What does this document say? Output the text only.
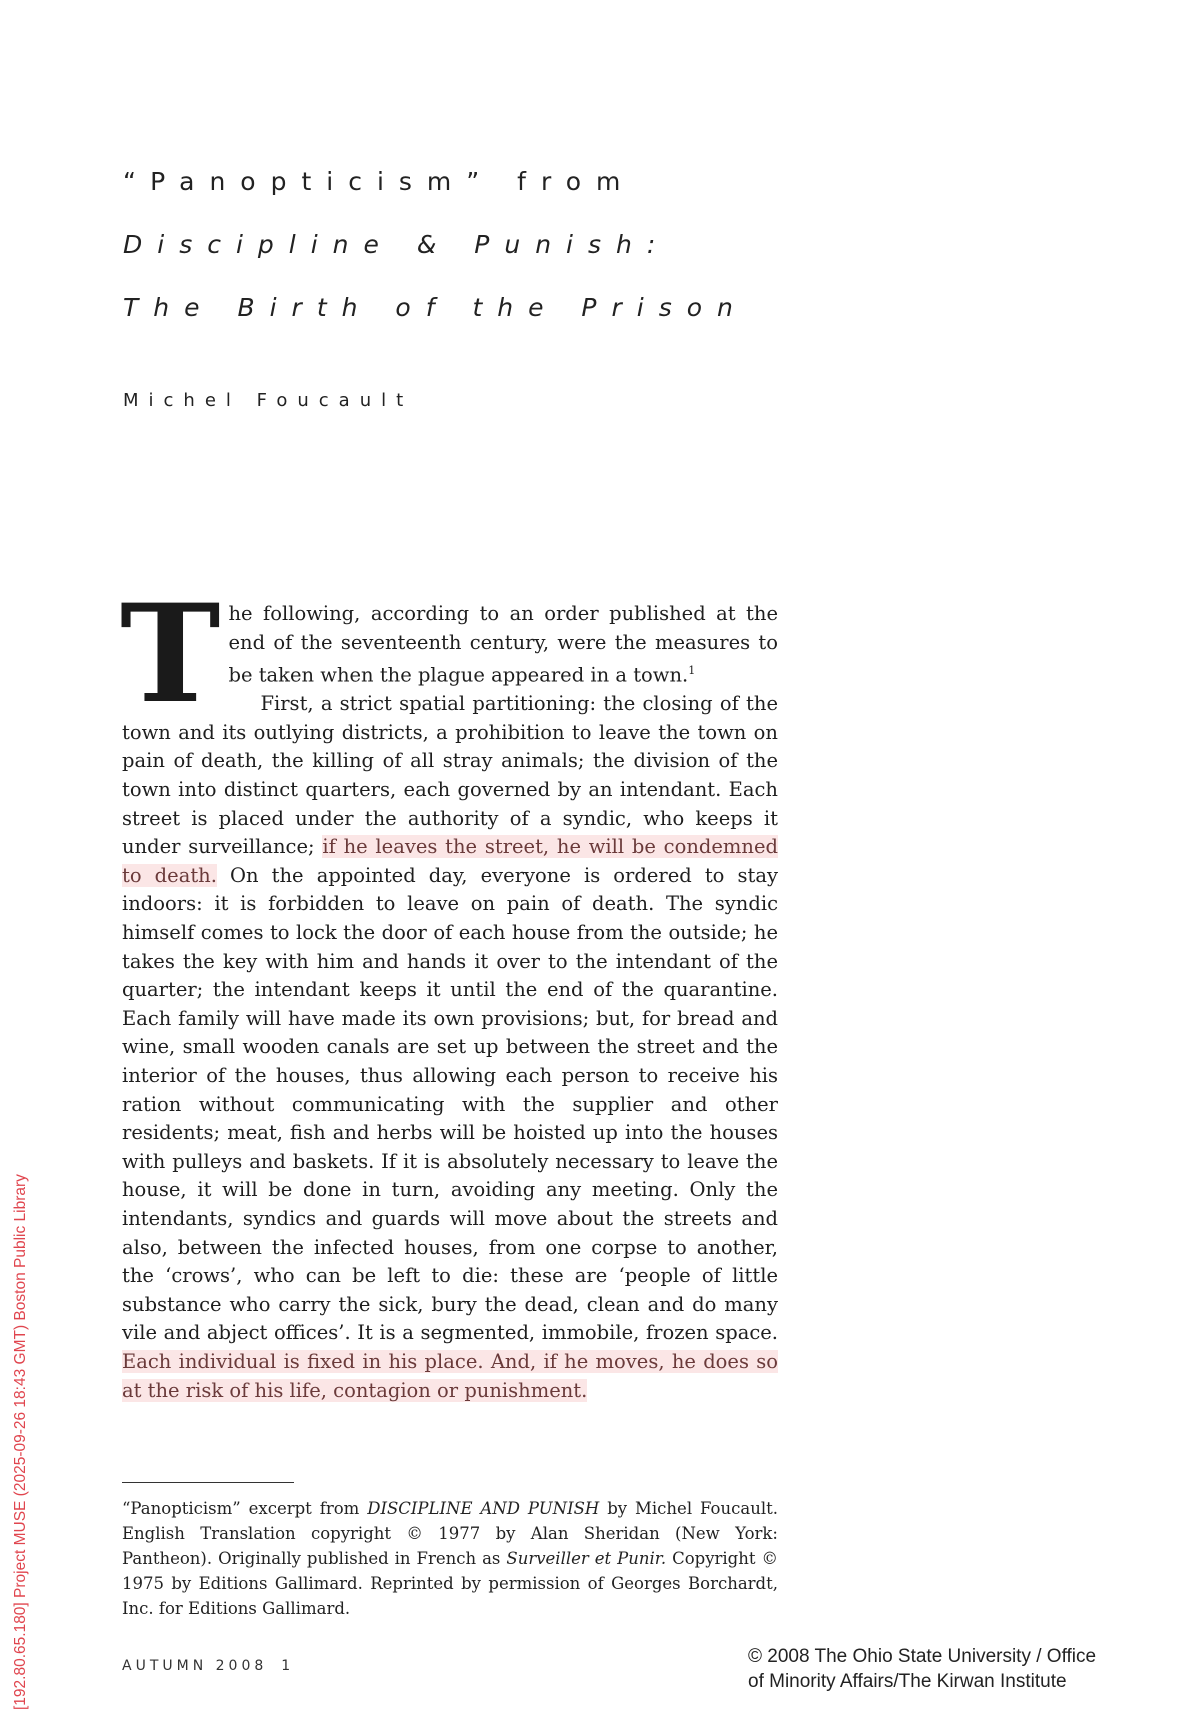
“Panopticism” from
Discipline & Punish:
The Birth of the Prison
Michel Foucault

The following, according to an order published at the end of the seventeenth century, were the measures to be taken when the plague appeared in a town.$^1$

First, a strict spatial partitioning: the closing of the town and its outlying districts, a prohibition to leave the town on pain of death, the killing of all stray animals; the division of the town into distinct quarters, each governed by an intendant. Each street is placed under the authority of a syndic, who keeps it under surveillance; if he leaves the street, he will be condemned to death. On the appointed day, everyone is ordered to stay indoors: it is forbidden to leave on pain of death. The syndic himself comes to lock the door of each house from the outside; he takes the key with him and hands it over to the intendant of the quarter; the intendant keeps it until the end of the quarantine. Each family will have made its own provisions; but, for bread and wine, small wooden canals are set up between the street and the interior of the houses, thus allowing each person to receive his ration without communicating with the supplier and other residents; meat, fish and herbs will be hoisted up into the houses with pulleys and baskets. If it is absolutely necessary to leave the house, it will be done in turn, avoiding any meeting. Only the intendants, syndics and guards will move about the streets and also, between the infected houses, from one corpse to another, the ‘crows’, who can be left to die: these are ‘people of little substance who carry the sick, bury the dead, clean and do many vile and abject offices’. It is a segmented, immobile, frozen space. Each individual is fixed in his place. And, if he moves, he does so at the risk of his life, contagion or punishment.

“Panopticism” excerpt from DISCIPLINE AND PUNISH by Michel Foucault. English Translation copyright © 1977 by Alan Sheridan (New York: Pantheon). Originally published in French as Surveiller et Punir. Copyright © 1975 by Editions Gallimard. Reprinted by permission of Georges Borchardt, Inc. for Editions Gallimard.

AUTUMN 2008 1	© 2008 The Ohio State University / Office
of Minority Affairs/The Kirwan Institute
[192.80.65.180] Project MUSE (2025-09-26 18:43 GMT) Boston Public Library
